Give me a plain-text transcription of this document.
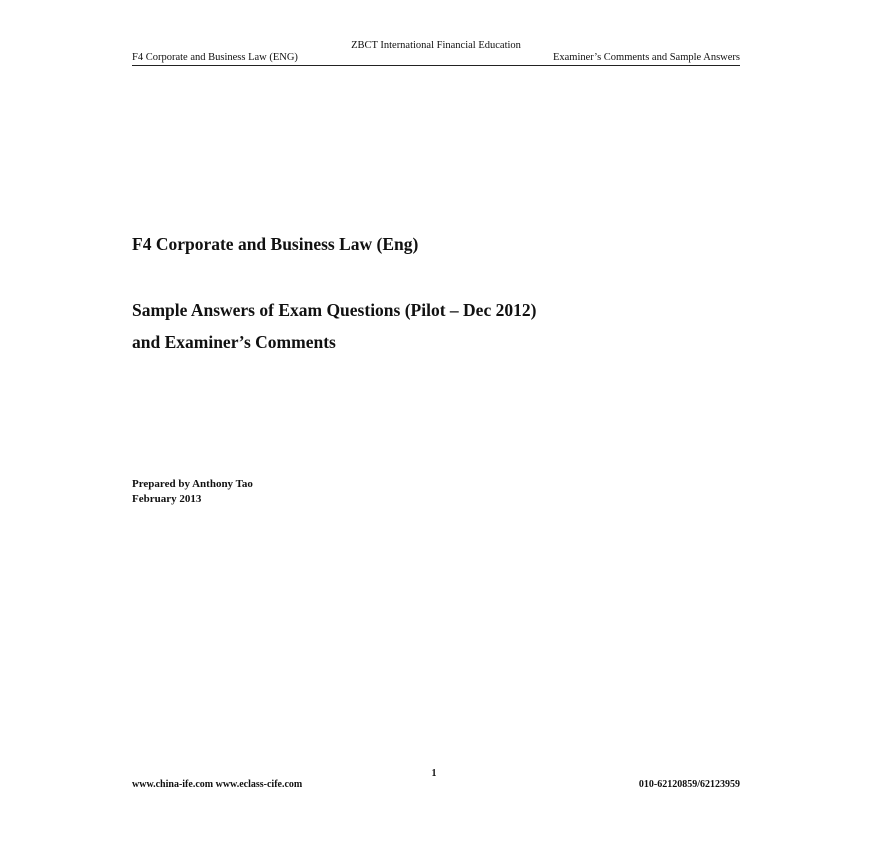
ZBCT International Financial Education
F4 Corporate and Business Law (ENG)	Examiner’s Comments and Sample Answers
F4 Corporate and Business Law (Eng)
Sample Answers of Exam Questions (Pilot – Dec 2012)
and Examiner’s Comments
Prepared by Anthony Tao
February 2013
1
www.china-ife.com www.eclass-cife.com	010-62120859/62123959
